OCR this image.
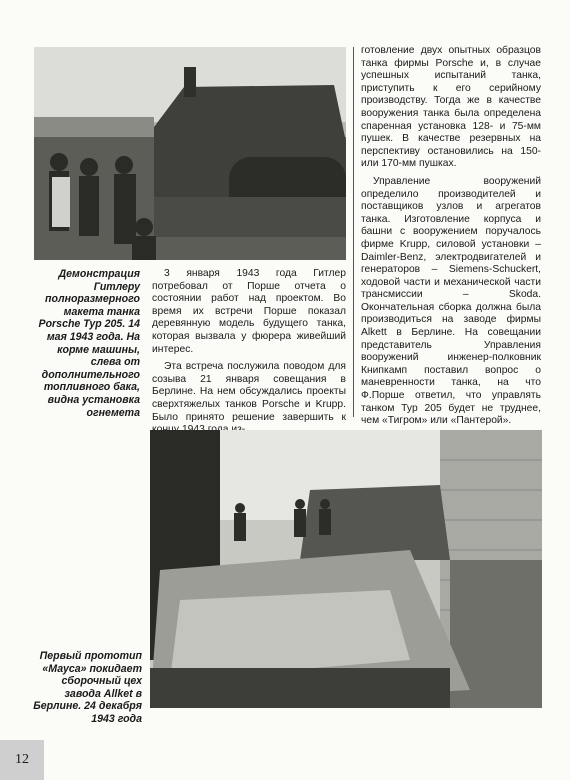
Демонстрация Гитлеру полноразмерного макета танка Porsche Typ 205. 14 мая 1943 года. На корме машины, слева от дополнительного топливного бака, видна установка огнемета

3 января 1943 года Гитлер потребовал от Порше отчета о состоянии работ над проектом. Во время их встречи Порше показал деревянную модель будущего танка, которая вызвала у фюрера живейший интерес.

Эта встреча послужила поводом для созыва 21 января совещания в Берлине. На нем обсуждались проекты сверхтяжелых танков Porsche и Krupp. Было принято решение завершить к

готовление двух опытных образцов танка фирмы Porsche и, в случае успешных испытаний танка, приступить к его серийному производству. Тогда же в качестве вооружения танка была определена спаренная установка 128- и 75-мм пушек. В качестве резервных на перспективу остановились на 150- или 170-мм пушках.

Управление вооружений определило производителей и поставщиков узлов и агрегатов танка. Изготовление корпуса и башни с вооружением поручалось фирме Krupp, силовой установки – Daimler-Benz, электродвигателей и генераторов – Siemens-Schuckert, ходовой части и механической части трансмиссии – Skoda. Окончательная сборка должна была производиться на заводе фирмы Alkett в Берлине. На совещании представитель Управления вооружений инженер-полковник Книпкамп поставил вопрос о маневренности танка, на что Ф.Порше ответил, что управлять танком Typ 205 будет не труднее, чем «Тигром» или «Пантерой».

Первый прототип «Мауса» покидает сборочный цех завода Allket в Берлине. 24 декабря 1943 года
12
